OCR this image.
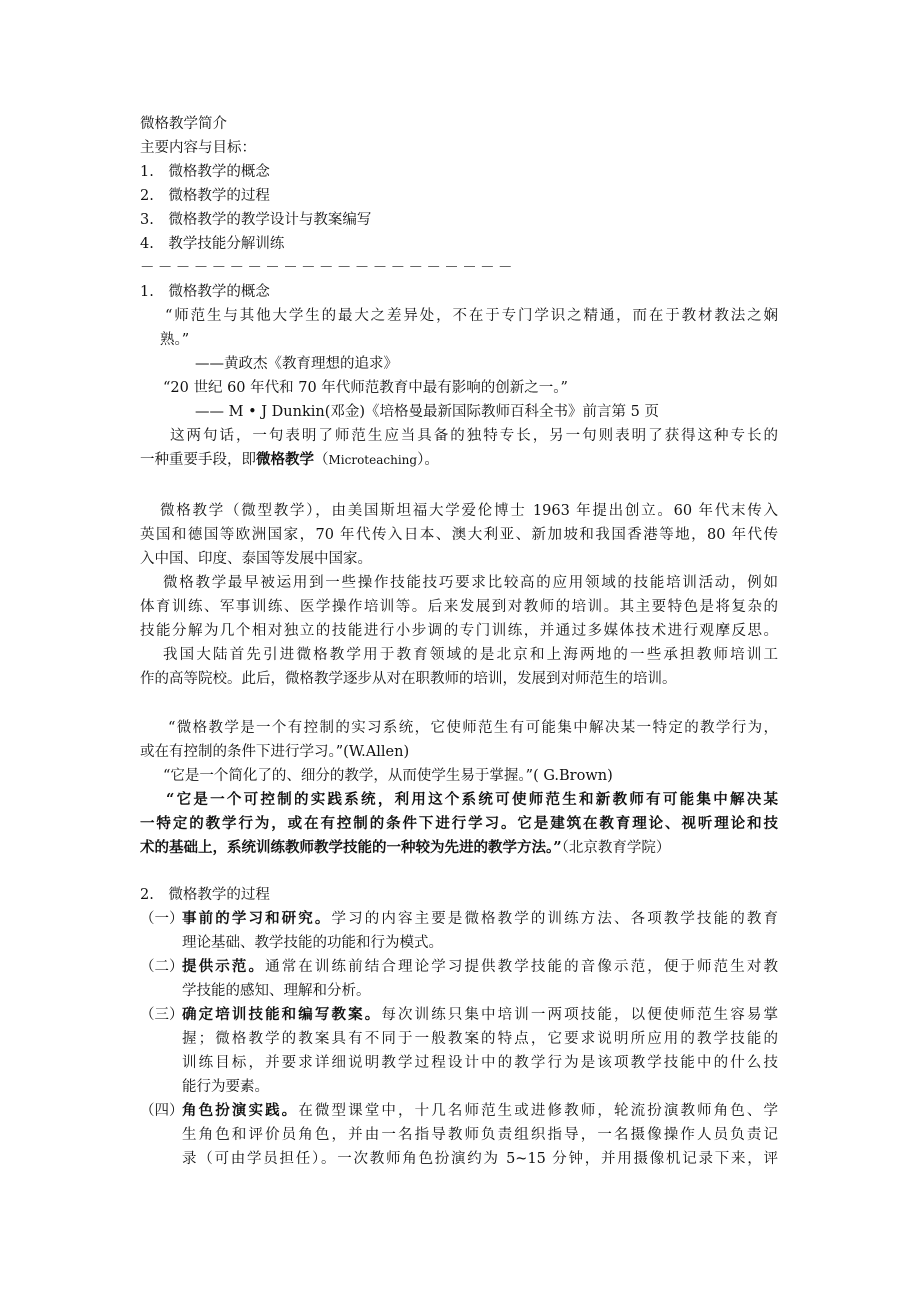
微格教学简介
主要内容与目标：
1.　微格教学的概念
2.　微格教学的过程
3.　微格教学的教学设计与教案编写
4.　教学技能分解训练
－－－－－－－－－－－－－－－－－－－－－
1.　微格教学的概念
“师范生与其他大学生的最大之差异处，不在于专门学识之精通，而在于教材教法之娴
熟。”
——黄政杰《教育理想的追求》
“20 世纪 60 年代和 70 年代师范教育中最有影响的创新之一。”
—— M • J Dunkin(邓金)《培格曼最新国际教师百科全书》前言第 5 页
这两句话，一句表明了师范生应当具备的独特专长，另一句则表明了获得这种专长的
一种重要手段，即微格教学（Microteaching）。
微格教学（微型教学），由美国斯坦福大学爱伦博士 1963 年提出创立。60 年代末传入
英国和德国等欧洲国家，70 年代传入日本、澳大利亚、新加坡和我国香港等地，80 年代传
入中国、印度、泰国等发展中国家。
微格教学最早被运用到一些操作技能技巧要求比较高的应用领域的技能培训活动，例如
体育训练、军事训练、医学操作培训等。后来发展到对教师的培训。其主要特色是将复杂的
技能分解为几个相对独立的技能进行小步调的专门训练，并通过多媒体技术进行观摩反思。
我国大陆首先引进微格教学用于教育领域的是北京和上海两地的一些承担教师培训工
作的高等院校。此后，微格教学逐步从对在职教师的培训，发展到对师范生的培训。
“微格教学是一个有控制的实习系统，它使师范生有可能集中解决某一特定的教学行为，
或在有控制的条件下进行学习。”(W.Allen)
“它是一个简化了的、细分的教学，从而使学生易于掌握。”( G.Brown)
“它是一个可控制的实践系统，利用这个系统可使师范生和新教师有可能集中解决某
一特定的教学行为，或在有控制的条件下进行学习。它是建筑在教育理论、视听理论和技
术的基础上，系统训练教师教学技能的一种较为先进的教学方法。”（北京教育学院）
2.　微格教学的过程
（一）
事前的学习和研究。学习的内容主要是微格教学的训练方法、各项教学技能的教育
理论基础、教学技能的功能和行为模式。
（二）
提供示范。通常在训练前结合理论学习提供教学技能的音像示范，便于师范生对教
学技能的感知、理解和分析。
（三）
确定培训技能和编写教案。每次训练只集中培训一两项技能，以便使师范生容易掌
握；微格教学的教案具有不同于一般教案的特点，它要求说明所应用的教学技能的
训练目标，并要求详细说明教学过程设计中的教学行为是该项教学技能中的什么技
能行为要素。
（四）
角色扮演实践。在微型课堂中，十几名师范生或进修教师，轮流扮演教师角色、学
生角色和评价员角色，并由一名指导教师负责组织指导，一名摄像操作人员负责记
录（可由学员担任）。一次教师角色扮演约为 5~15 分钟，并用摄像机记录下来，评
